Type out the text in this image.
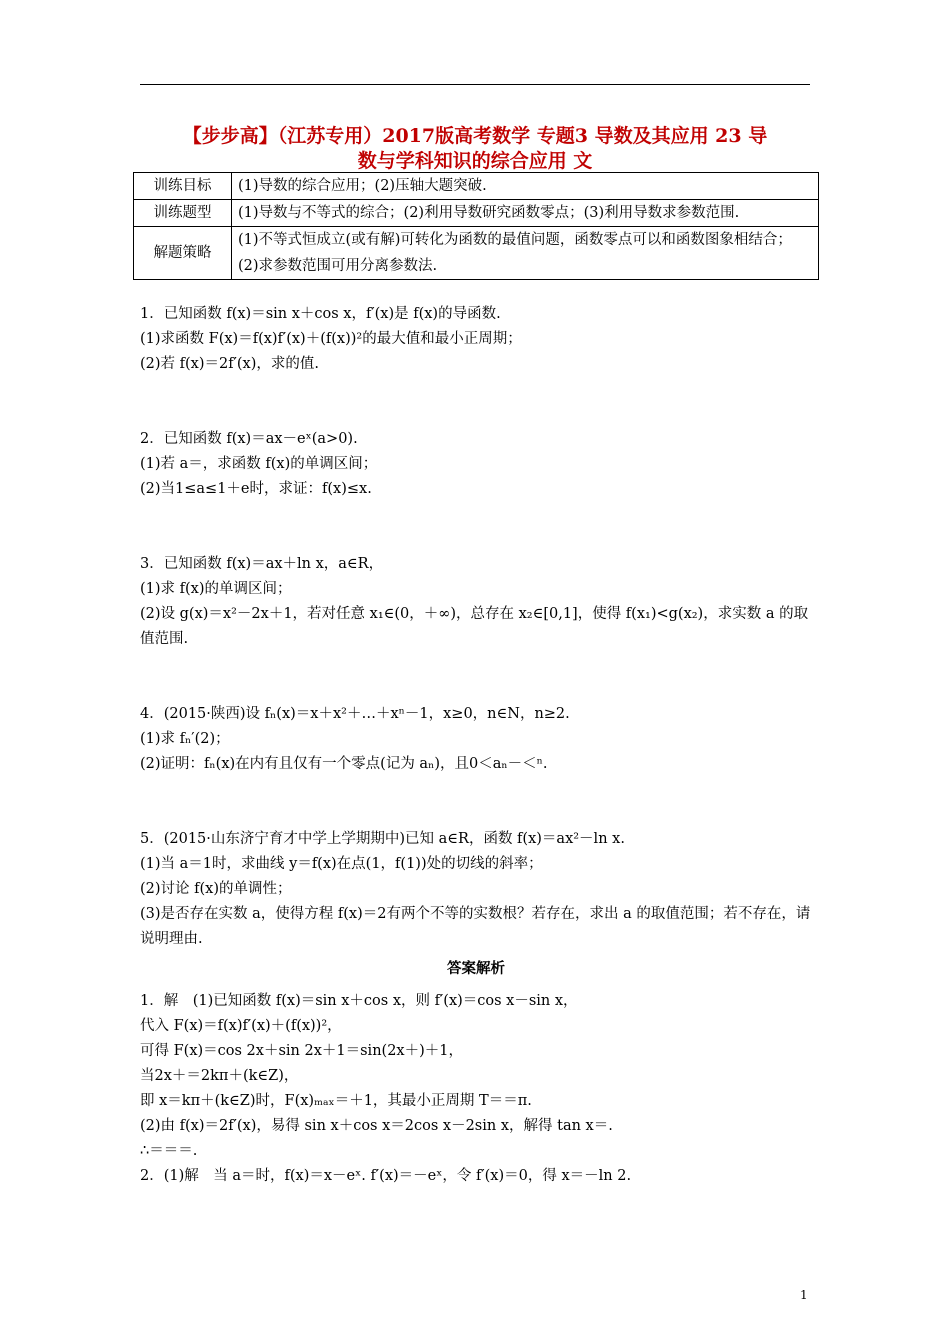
【步步高】（江苏专用）2017版高考数学 专题3 导数及其应用 23 导
数与学科知识的综合应用 文
训练目标	(1)导数的综合应用；(2)压轴大题突破.
训练题型	(1)导数与不等式的综合；(2)利用导数研究函数零点；(3)利用导数求参数范围.
解题策略	(1)不等式恒成立(或有解)可转化为函数的最值问题，函数零点可以和函数图象相结合；(2)求参数范围可用分离参数法.
1．已知函数 f(x)＝sin x＋cos x，f′(x)是 f(x)的导函数.
(1)求函数 F(x)＝f(x)f′(x)＋(f(x))²的最大值和最小正周期；
(2)若 f(x)＝2f′(x)，求的值.
2．已知函数 f(x)＝ax－eˣ(a>0).
(1)若 a＝，求函数 f(x)的单调区间；
(2)当1≤a≤1＋e时，求证：f(x)≤x.
3．已知函数 f(x)＝ax＋ln x，a∈R，
(1)求 f(x)的单调区间；
(2)设 g(x)＝x²－2x＋1，若对任意 x₁∈(0，＋∞)，总存在 x₂∈[0,1]，使得 f(x₁)<g(x₂)，求实数 a 的取值范围.
4．(2015·陕西)设 fₙ(x)＝x＋x²＋…＋xⁿ－1，x≥0，n∈N，n≥2.
(1)求 fₙ′(2)；
(2)证明：fₙ(x)在内有且仅有一个零点(记为 aₙ)，且0＜aₙ－＜ⁿ.
5．(2015·山东济宁育才中学上学期期中)已知 a∈R，函数 f(x)＝ax²－ln x.
(1)当 a＝1时，求曲线 y＝f(x)在点(1，f(1))处的切线的斜率；
(2)讨论 f(x)的单调性；
(3)是否存在实数 a，使得方程 f(x)＝2有两个不等的实数根？若存在，求出 a 的取值范围；若不存在，请说明理由.
答案解析
1．解　(1)已知函数 f(x)＝sin x＋cos x，则 f′(x)＝cos x－sin x，
代入 F(x)＝f(x)f′(x)＋(f(x))²，
可得 F(x)＝cos 2x＋sin 2x＋1＝sin(2x＋)＋1，
当2x＋＝2kπ＋(k∈Z)，
即 x＝kπ＋(k∈Z)时，F(x)ₘₐₓ＝＋1，其最小正周期 T＝＝π.
(2)由 f(x)＝2f′(x)，易得 sin x＋cos x＝2cos x－2sin x，解得 tan x＝.
∴＝＝＝.
2．(1)解　当 a＝时，f(x)＝x－eˣ. f′(x)＝－eˣ，令 f′(x)＝0，得 x＝－ln 2.
1
